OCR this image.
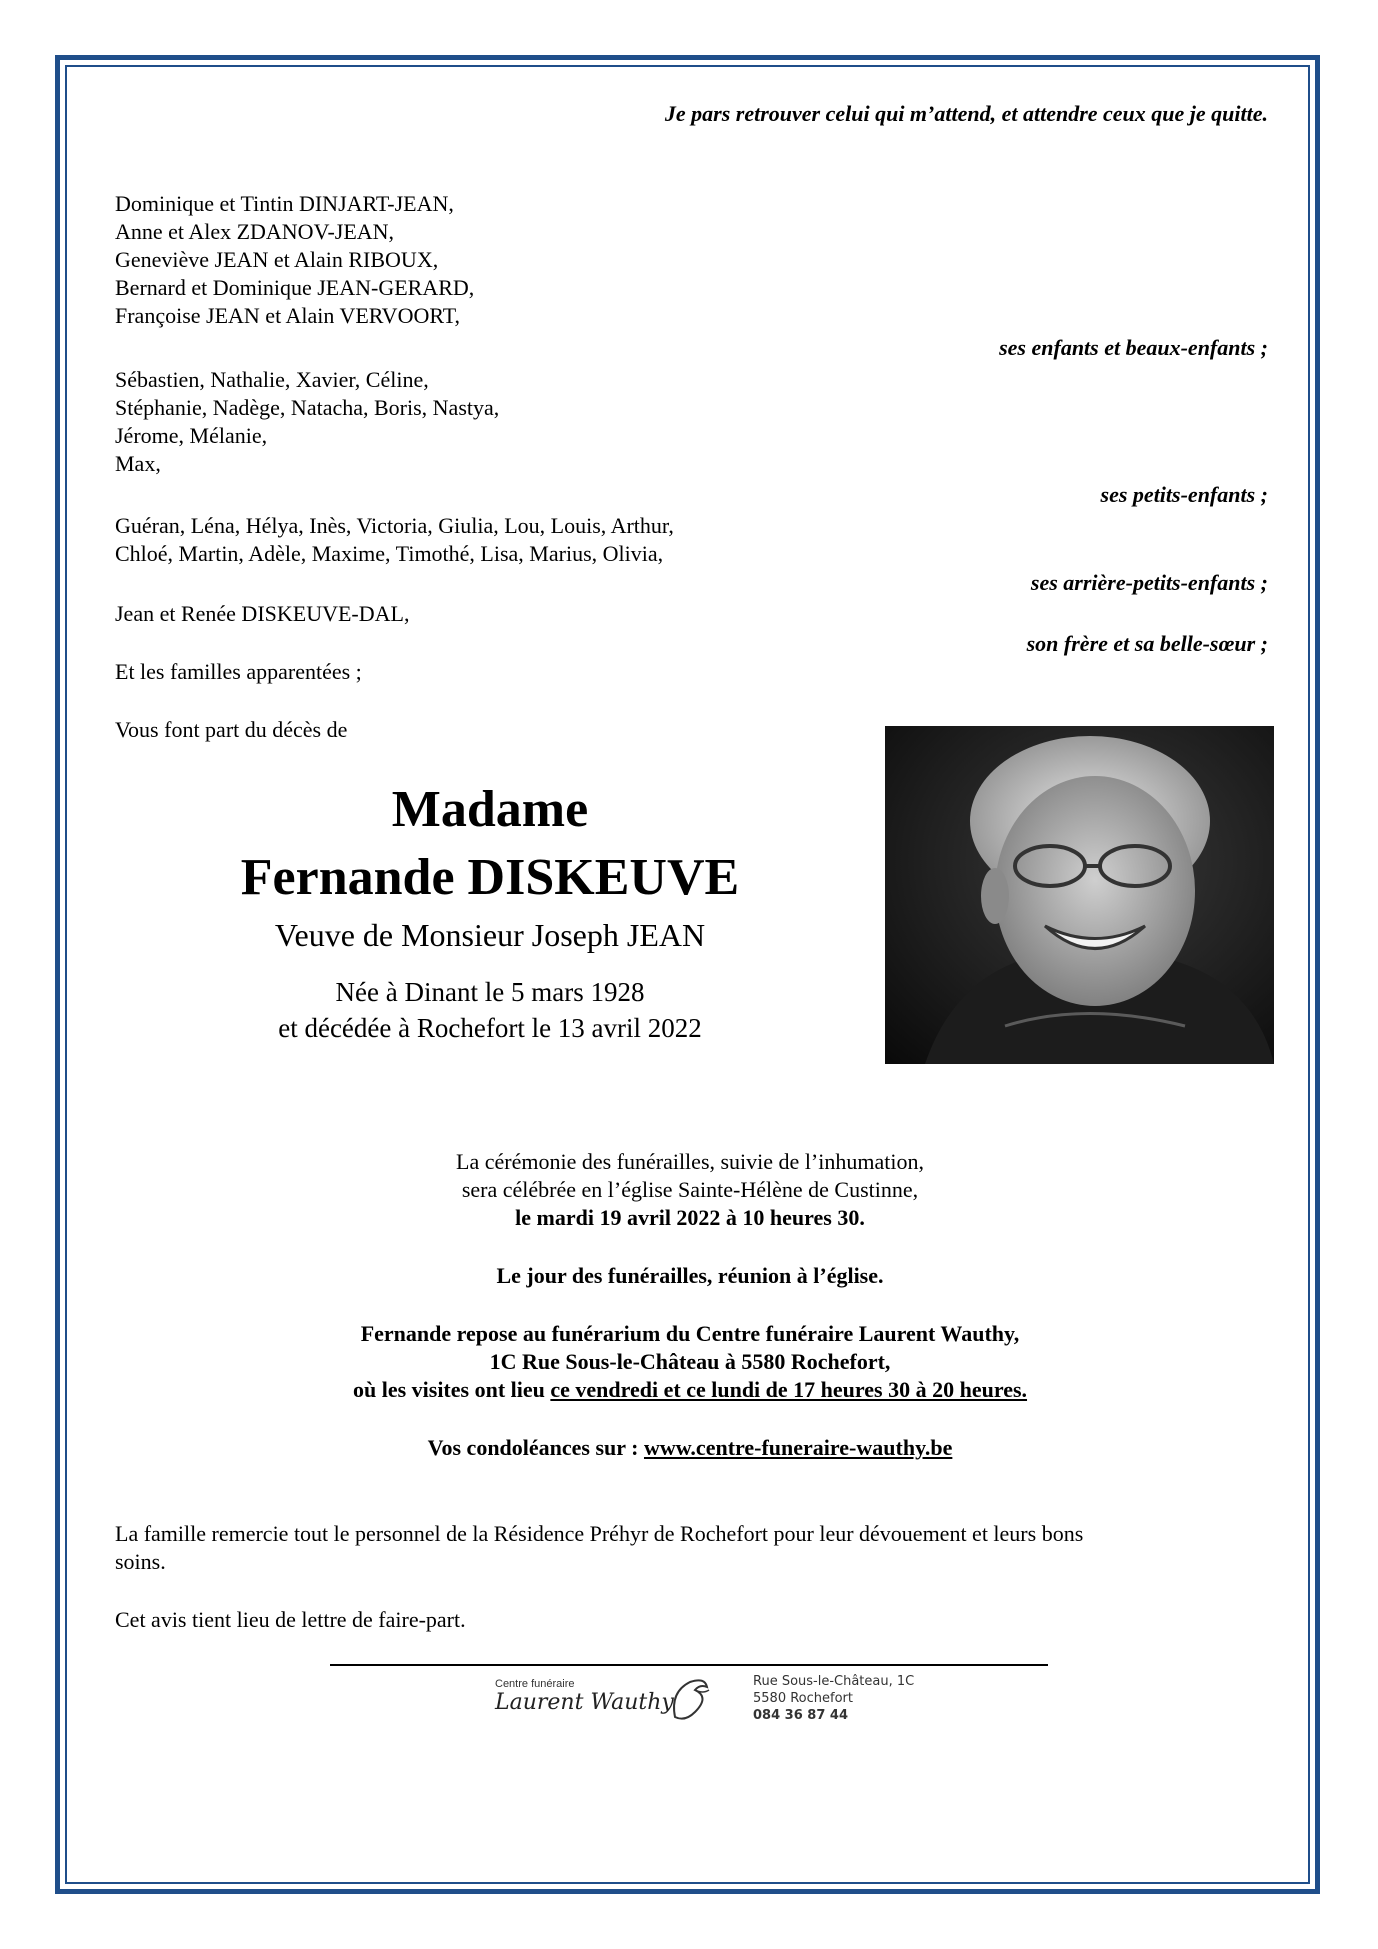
Je pars retrouver celui qui m’attend, et attendre ceux que je quitte.
Dominique et Tintin DINJART-JEAN,
Anne et Alex ZDANOV-JEAN,
Geneviève JEAN et Alain RIBOUX,
Bernard et Dominique JEAN-GERARD,
Françoise JEAN et Alain VERVOORT,
ses enfants et beaux-enfants ;
Sébastien, Nathalie, Xavier, Céline,
Stéphanie, Nadège, Natacha, Boris, Nastya,
Jérome, Mélanie,
Max,
ses petits-enfants ;
Guéran, Léna, Hélya, Inès, Victoria, Giulia, Lou, Louis, Arthur,
Chloé, Martin, Adèle, Maxime, Timothé, Lisa, Marius, Olivia,
ses arrière-petits-enfants ;
Jean et Renée DISKEUVE-DAL,
son frère et sa belle-sœur ;
Et les familles apparentées ;
Vous font part du décès de
Madame
Fernande DISKEUVE
Veuve de Monsieur Joseph JEAN
Née à Dinant le 5 mars 1928
et décédée à Rochefort le 13 avril 2022
La cérémonie des funérailles, suivie de l’inhumation,
sera célébrée en l’église Sainte-Hélène de Custinne,
le mardi 19 avril 2022 à 10 heures 30.
Le jour des funérailles, réunion à l’église.
Fernande repose au funérarium du Centre funéraire Laurent Wauthy,
1C Rue Sous-le-Château à 5580 Rochefort,
où les visites ont lieu ce vendredi et ce lundi de 17 heures 30 à 20 heures.
Vos condoléances sur : www.centre-funeraire-wauthy.be
La famille remercie tout le personnel de la Résidence Préhyr de Rochefort pour leur dévouement et leurs bons
soins.
Cet avis tient lieu de lettre de faire-part.
Centre funéraire
Laurent Wauthy
Rue Sous-le-Château, 1C
5580 Rochefort
084 36 87 44
